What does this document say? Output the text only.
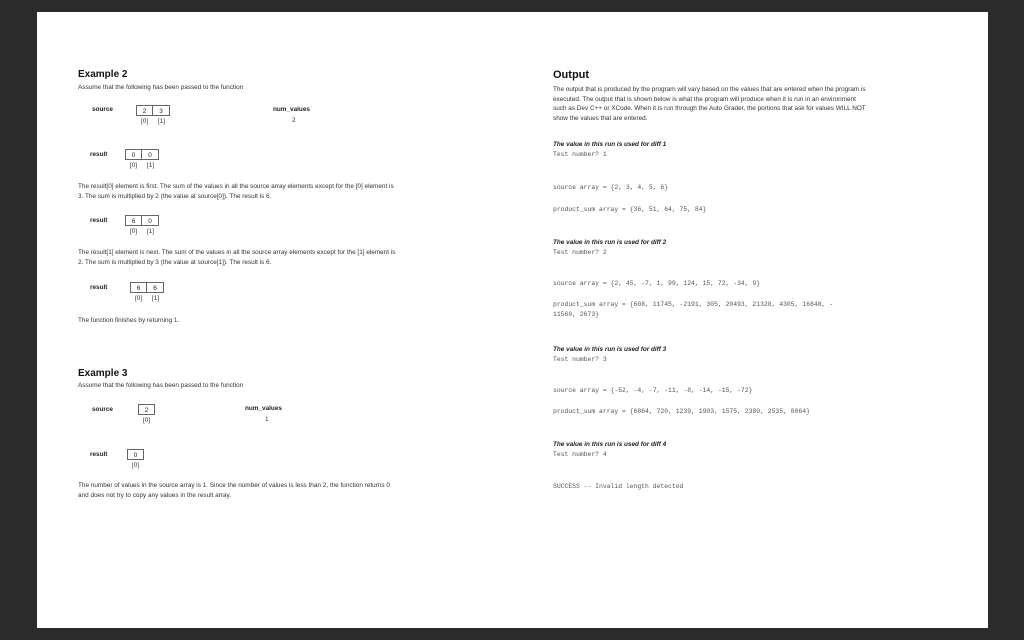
Example 2
Assume that the following has been passed to the function
source	2	3
[0]	[1]
num_values
2
result	0	0
[0]	[1]
The result[0] element is first. The sum of the values in all the source array elements except for the [0] element is
3. The sum is multiplied by 2 (the value at source[0]). The result is 6.
result	6	0
[0]	[1]
The result[1] element is next. The sum of the values in all the source array elements except for the [1] element is
2. The sum is multiplied by 3 (the value at source[1]). The result is 6.
result	6	6
[0]	[1]
The function finishes by returning 1.
Example 3
Assume that the following has been passed to the function
source	2
[0]
num_values
1
result	0
[0]
The number of values in the source array is 1. Since the number of values is less than 2, the function returns 0
and does not try to copy any values in the result array.
Output
The output that is produced by the program will vary based on the values that are entered when the program is
executed. The output that is shown below is what the program will produce when it is run in an environment
such as Dev C++ or XCode. When it is run through the Auto Grader, the portions that ask for values WILL NOT
show the values that are entered.
The value in this run is used for diff 1
Test number? 1
source array = {2, 3, 4, 5, 6}
product_sum array = {36, 51, 64, 75, 84}
The value in this run is used for diff 2
Test number? 2
source array = {2, 45, -7, 1, 99, 124, 15, 72, -34, 9}
product_sum array = {608, 11745, -2191, 305, 20493, 21328, 4305, 16848, -
11560, 2673}
The value in this run is used for diff 3
Test number? 3
source array = {-52, -4, -7, -11, -8, -14, -15, -72}
product_sum array = {6864, 720, 1239, 1903, 1575, 2380, 2535, 8064}
The value in this run is used for diff 4
Test number? 4
SUCCESS -- Invalid length detected
